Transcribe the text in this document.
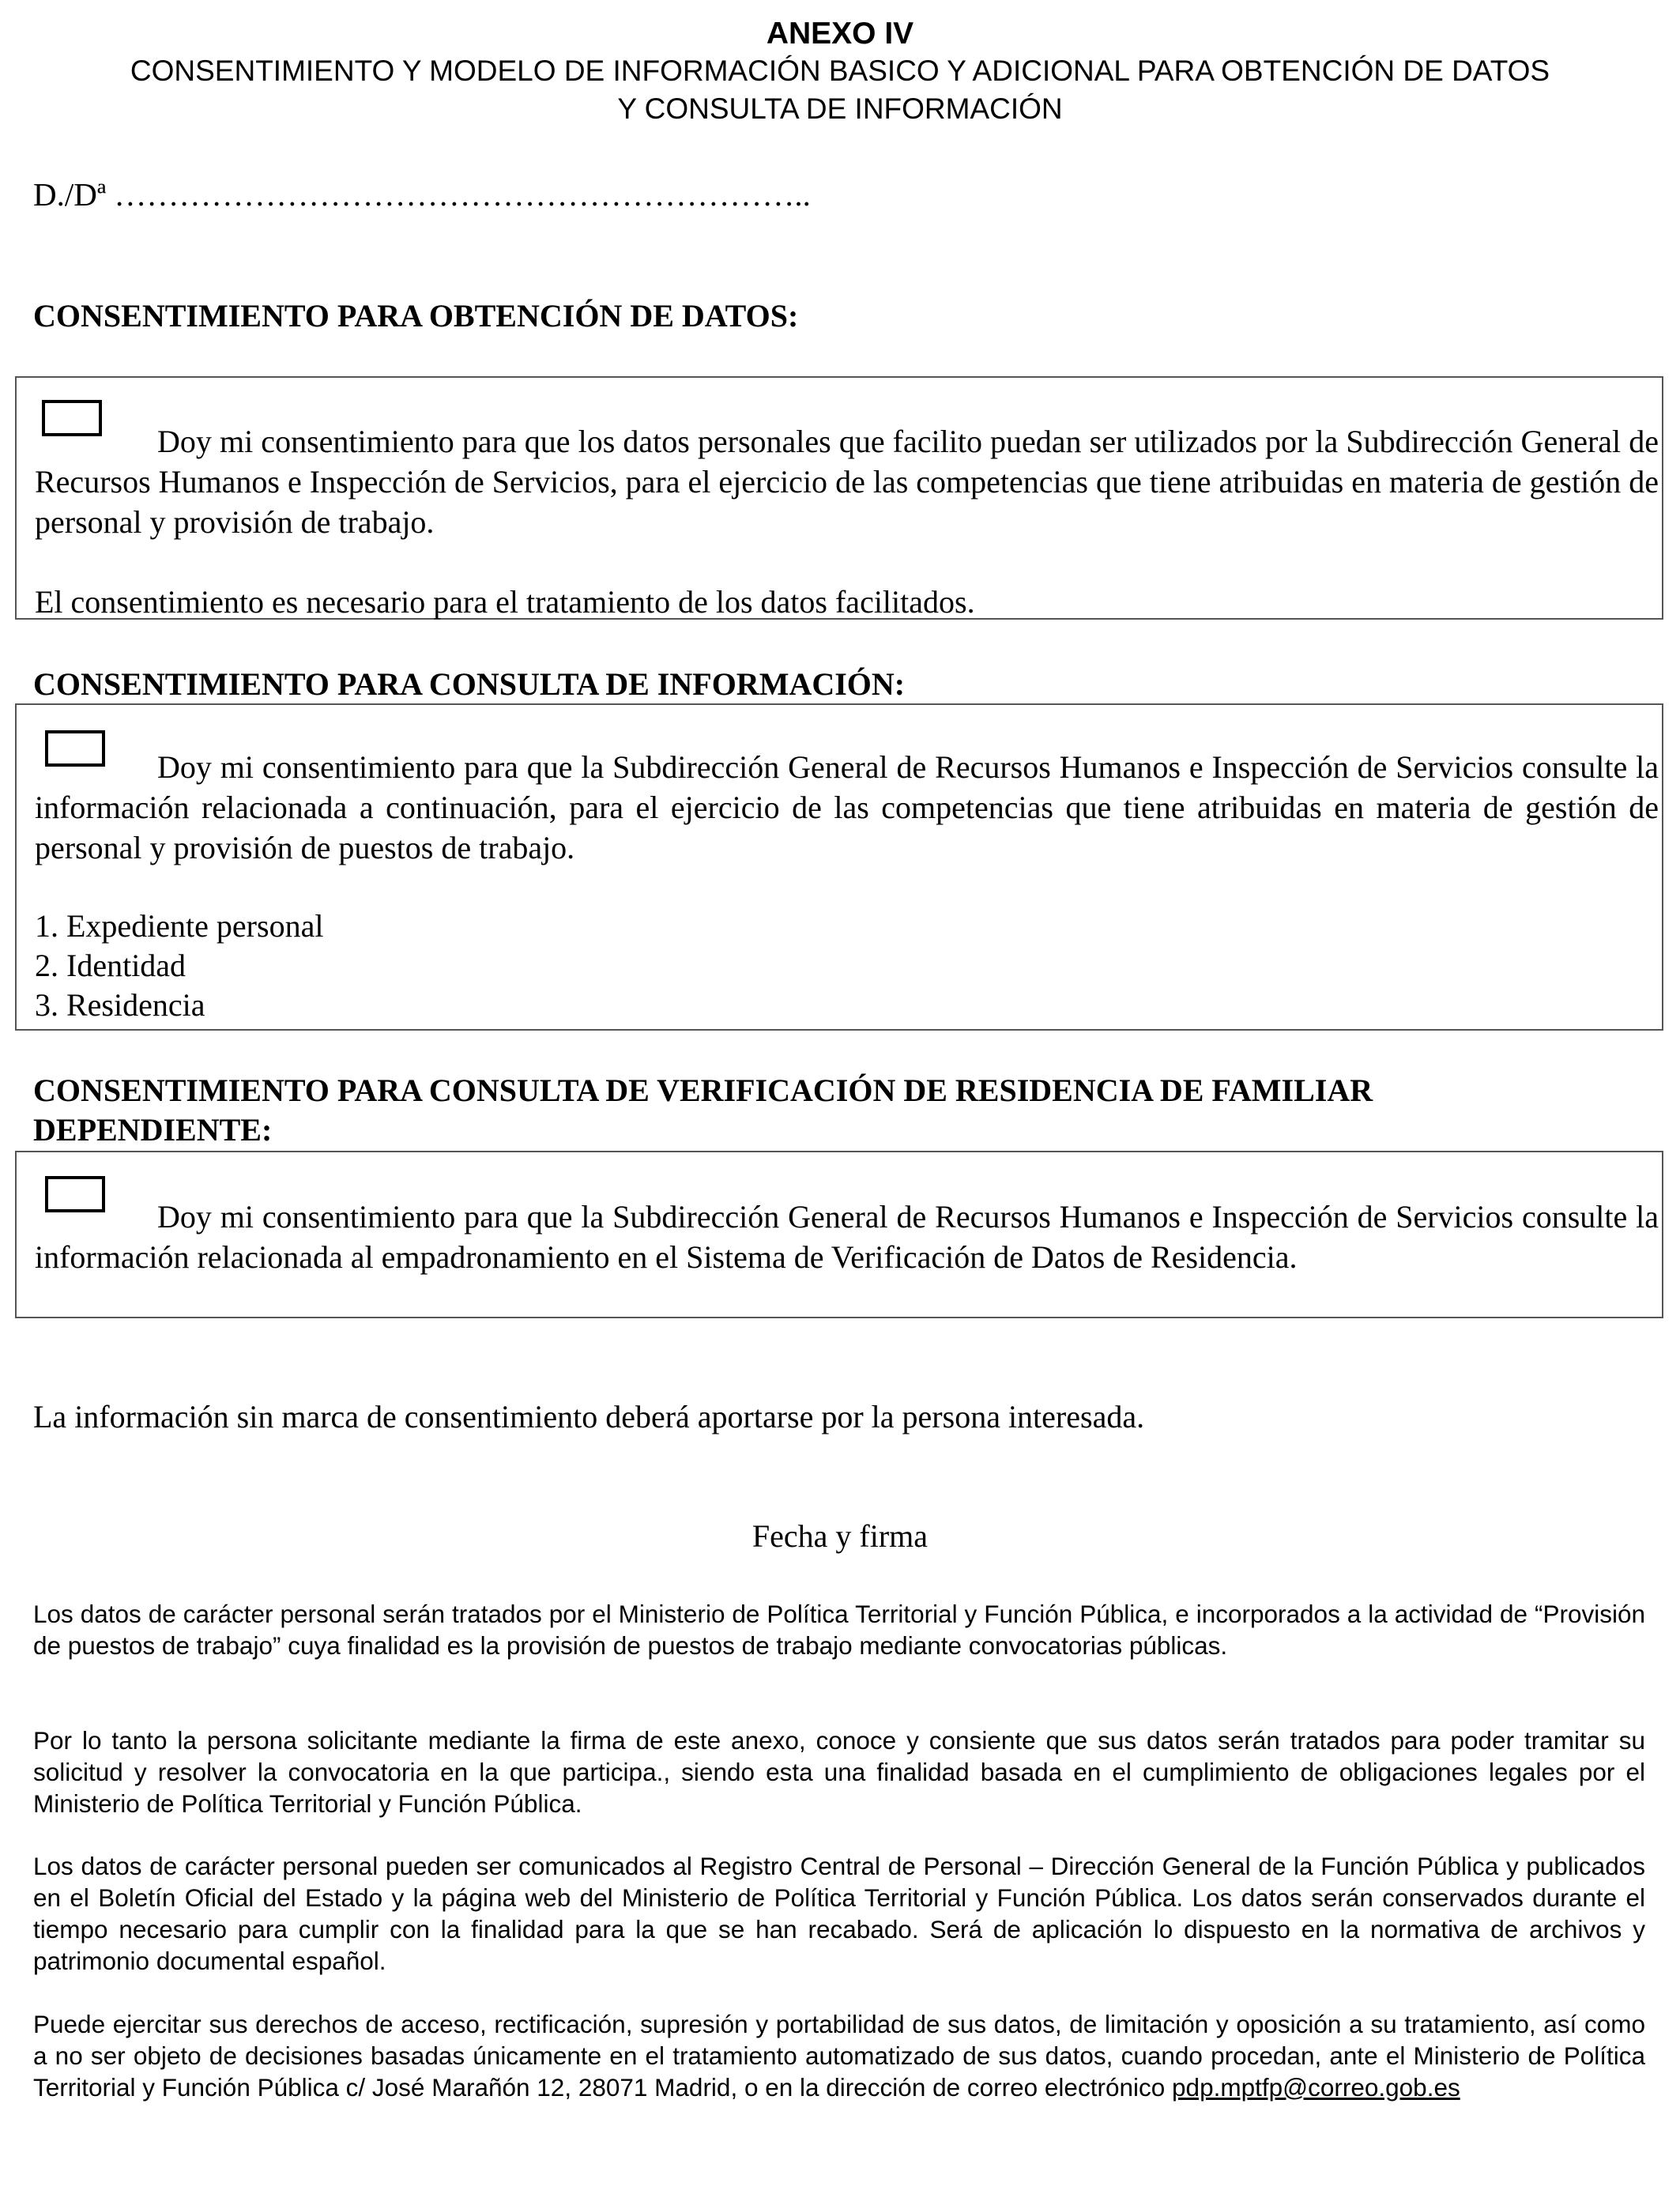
ANEXO IV
CONSENTIMIENTO Y MODELO DE INFORMACIÓN BASICO Y ADICIONAL PARA OBTENCIÓN DE DATOS
Y CONSULTA DE INFORMACIÓN
D./Dª ………………………………………………………..
CONSENTIMIENTO PARA OBTENCIÓN DE DATOS:

Doy mi consentimiento para que los datos personales que facilito puedan ser utilizados por la Subdirección General de Recursos Humanos e Inspección de Servicios, para el ejercicio de las competencias que tiene atribuidas en materia de gestión de personal y provisión de trabajo.

El consentimiento es necesario para el tratamiento de los datos facilitados.

CONSENTIMIENTO PARA CONSULTA DE INFORMACIÓN:

Doy mi consentimiento para que la Subdirección General de Recursos Humanos e Inspección de Servicios consulte la información relacionada a continuación, para el ejercicio de las competencias que tiene atribuidas en materia de gestión de personal y provisión de puestos de trabajo.

1. Expediente personal
2. Identidad
3. Residencia
CONSENTIMIENTO PARA CONSULTA DE VERIFICACIÓN DE RESIDENCIA DE FAMILIAR
DEPENDIENTE:

Doy mi consentimiento para que la Subdirección General de Recursos Humanos e Inspección de Servicios consulte la información relacionada al empadronamiento en el Sistema de Verificación de Datos de Residencia.

La información sin marca de consentimiento deberá aportarse por la persona interesada.
Fecha y firma

Los datos de carácter personal serán tratados por el Ministerio de Política Territorial y Función Pública, e incorporados a la actividad de “Provisión de puestos de trabajo” cuya finalidad es la provisión de puestos de trabajo mediante convocatorias públicas.

Por lo tanto la persona solicitante mediante la firma de este anexo, conoce y consiente que sus datos serán tratados para poder tramitar su solicitud y resolver la convocatoria en la que participa., siendo esta una finalidad basada en el cumplimiento de obligaciones legales por el Ministerio de Política Territorial y Función Pública.

Los datos de carácter personal pueden ser comunicados al Registro Central de Personal – Dirección General de la Función Pública y publicados en el Boletín Oficial del Estado y la página web del Ministerio de Política Territorial y Función Pública. Los datos serán conservados durante el tiempo necesario para cumplir con la finalidad para la que se han recabado. Será de aplicación lo dispuesto en la normativa de archivos y patrimonio documental español.

Puede ejercitar sus derechos de acceso, rectificación, supresión y portabilidad de sus datos, de limitación y oposición a su tratamiento, así como a no ser objeto de decisiones basadas únicamente en el tratamiento automatizado de sus datos, cuando procedan, ante el Ministerio de Política Territorial y Función Pública c/ José Marañón 12, 28071 Madrid, o en la dirección de correo electrónico pdp.mptfp@correo.gob.es
